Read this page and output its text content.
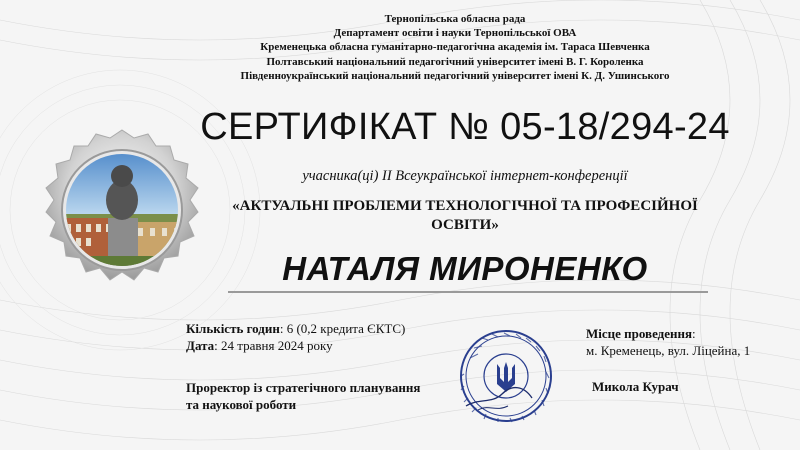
Тернопільська обласна рада
Департамент освіти і науки Тернопільської ОВА
Кременецька обласна гуманітарно-педагогічна академія ім. Тараса Шевченка
Полтавський національний педагогічний університет імені В. Г. Короленка
Південноукраїнський національний педагогічний університет імені К. Д. Ушинського
СЕРТИФІКАТ № 05-18/294-24
учасника(ці) ІІ Всеукраїнської інтернет-конференції
«АКТУАЛЬНІ ПРОБЛЕМИ ТЕХНОЛОГІЧНОЇ ТА ПРОФЕСІЙНОЇ
ОСВІТИ»
НАТАЛЯ МИРОНЕНКО
Кількість годин: 6 (0,2 кредита ЄКТС)
Дата: 24 травня 2024 року
Місце проведення:
м. Кременець, вул. Ліцейна, 1
Проректор із стратегічного планування
та наукової роботи
Микола Курач
